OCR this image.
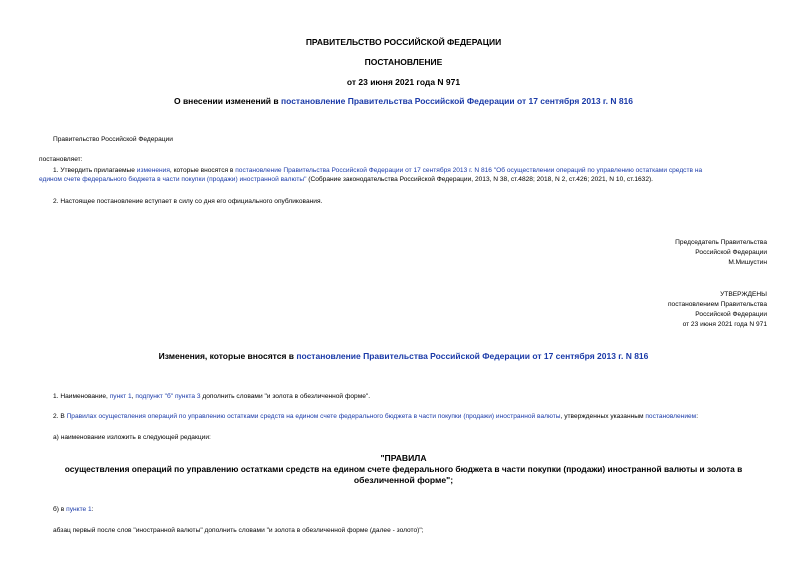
ПРАВИТЕЛЬСТВО РОССИЙСКОЙ ФЕДЕРАЦИИ
ПОСТАНОВЛЕНИЕ
от 23 июня 2021 года N 971
О внесении изменений в постановление Правительства Российской Федерации от 17 сентября 2013 г. N 816
Правительство Российской Федерации
постановляет:
1. Утвердить прилагаемые изменения, которые вносятся в постановление Правительства Российской Федерации от 17 сентября 2013 г. N 816 "Об осуществлении операций по управлению остатками средств на
едином счете федерального бюджета в части покупки (продажи) иностранной валюты" (Собрание законодательства Российской Федерации, 2013, N 38, ст.4828; 2018, N 2, ст.426; 2021, N 10, ст.1632).
2. Настоящее постановление вступает в силу со дня его официального опубликования.
Председатель Правительства
Российской Федерации
М.Мишустин
УТВЕРЖДЕНЫ
постановлением Правительства
Российской Федерации
от 23 июня 2021 года N 971
Изменения, которые вносятся в постановление Правительства Российской Федерации от 17 сентября 2013 г. N 816
1. Наименование, пункт 1, подпункт "б" пункта 3 дополнить словами "и золота в обезличенной форме".
2. В Правилах осуществления операций по управлению остатками средств на едином счете федерального бюджета в части покупки (продажи) иностранной валюты, утвержденных указанным постановлением:
а) наименование изложить в следующей редакции:
"ПРАВИЛА
осуществления операций по управлению остатками средств на едином счете федерального бюджета в части покупки (продажи) иностранной валюты и золота в
обезличенной форме";
б) в пункте 1:
абзац первый после слов "иностранной валюты" дополнить словами "и золота в обезличенной форме (далее - золото)";
